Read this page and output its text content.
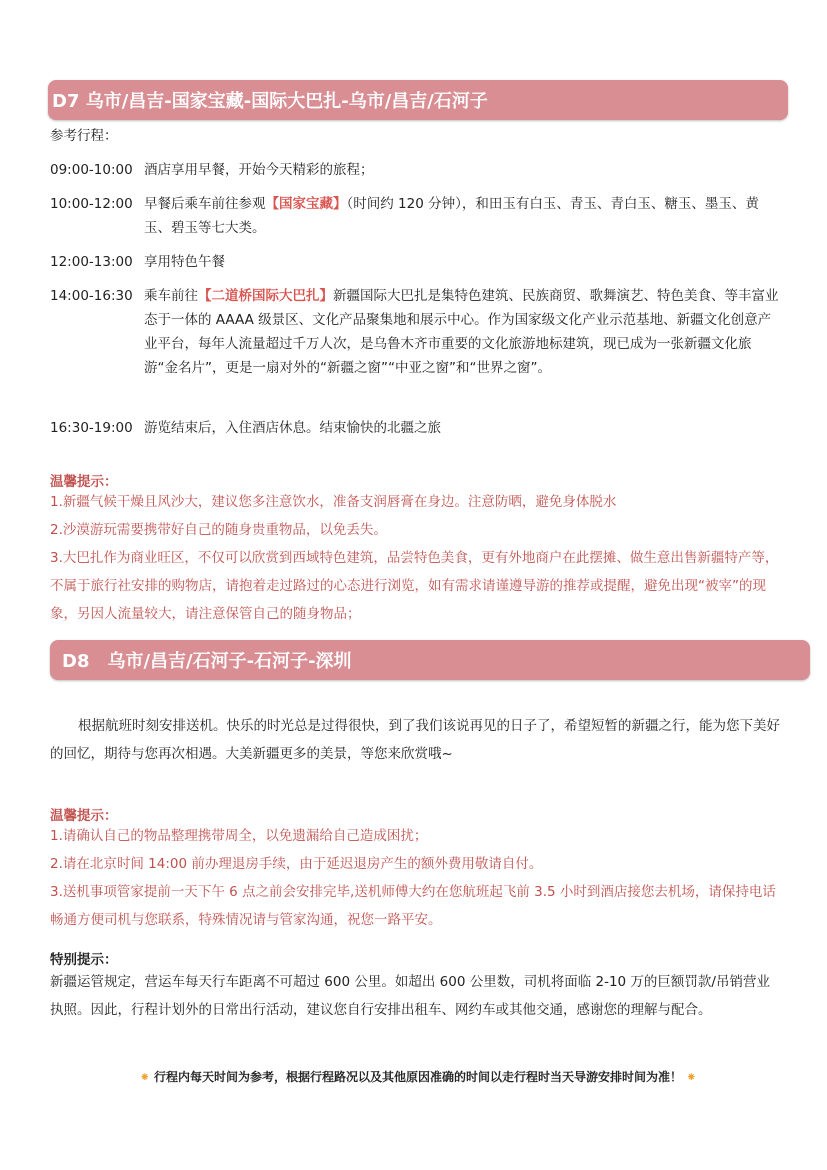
D7 乌市/昌吉-国家宝藏-国际大巴扎-乌市/昌吉/石河子
参考行程：
09:00-10:00 酒店享用早餐，开始今天精彩的旅程；
10:00-12:00 早餐后乘车前往参观【国家宝藏】（时间约 120 分钟），和田玉有白玉、青玉、青白玉、糖玉、墨玉、黄玉、碧玉等七大类。
12:00-13:00 享用特色午餐
14:00-16:30 乘车前往【二道桥国际大巴扎】新疆国际大巴扎是集特色建筑、民族商贸、歌舞演艺、特色美食、等丰富业态于一体的 AAAA 级景区、文化产品聚集地和展示中心。作为国家级文化产业示范基地、新疆文化创意产业平台，每年人流量超过千万人次，是乌鲁木齐市重要的文化旅游地标建筑，现已成为一张新疆文化旅游“金名片”，更是一扇对外的“新疆之窗”“中亚之窗”和“世界之窗”。
16:30-19:00 游览结束后，入住酒店休息。结束愉快的北疆之旅
温馨提示：
1.新疆气候干燥且风沙大，建议您多注意饮水，准备支润唇膏在身边。注意防晒，避免身体脱水
2.沙漠游玩需要携带好自己的随身贵重物品，以免丢失。
3.大巴扎作为商业旺区，不仅可以欣赏到西域特色建筑，品尝特色美食，更有外地商户在此摆摊、做生意出售新疆特产等，不属于旅行社安排的购物店，请抱着走过路过的心态进行浏览，如有需求请谨遵导游的推荐或提醒，避免出现“被宰”的现象，另因人流量较大，请注意保管自己的随身物品；
D8　乌市/昌吉/石河子-石河子-深圳
根据航班时刻安排送机。快乐的时光总是过得很快，到了我们该说再见的日子了，希望短暂的新疆之行，能为您下美好的回忆，期待与您再次相遇。大美新疆更多的美景，等您来欣赏哦~
温馨提示：
1.请确认自己的物品整理携带周全，以免遗漏给自己造成困扰；
2.请在北京时间 14:00 前办理退房手续，由于延迟退房产生的额外费用敬请自付。
3.送机事项管家提前一天下午 6 点之前会安排完毕,送机师傅大约在您航班起飞前 3.5 小时到酒店接您去机场，请保持电话畅通方便司机与您联系，特殊情况请与管家沟通，祝您一路平安。
特别提示：
新疆运管规定，营运车每天行车距离不可超过 600 公里。如超出 600 公里数，司机将面临 2-10 万的巨额罚款/吊销营业执照。因此，行程计划外的日常出行活动，建议您自行安排出租车、网约车或其他交通，感谢您的理解与配合。
⁕ 行程内每天时间为参考，根据行程路况以及其他原因准确的时间以走行程时当天导游安排时间为准！ ⁕
